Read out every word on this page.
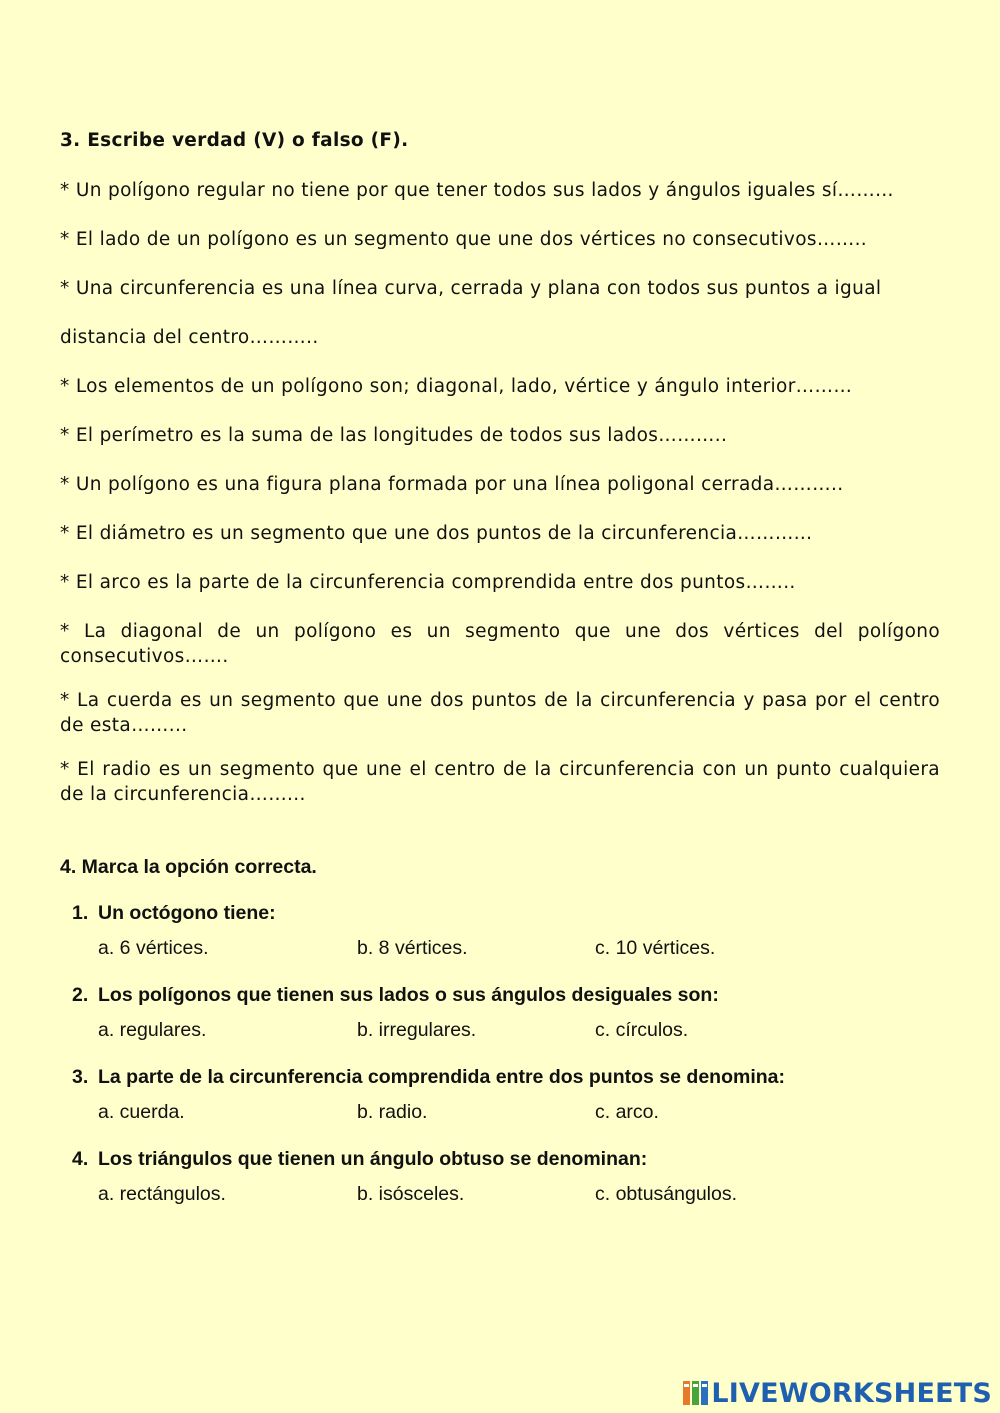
3. Escribe verdad (V) o falso (F).
* Un polígono regular no tiene por que tener todos sus lados y ángulos iguales sí………
* El lado de un polígono es un segmento que une dos vértices no consecutivos……..
* Una circunferencia es una línea curva, cerrada y plana con todos sus puntos a igual
distancia del centro………..
* Los elementos de un polígono son; diagonal, lado, vértice y ángulo interior………
* El perímetro es la suma de las longitudes de todos sus lados………..
* Un polígono es una figura plana formada por una línea poligonal cerrada………..
* El diámetro es un segmento que une dos puntos de la circunferencia………...
* El arco es la parte de la circunferencia comprendida entre dos puntos……..
* La diagonal de un polígono es un segmento que une dos vértices del polígono consecutivos…….
* La cuerda es un segmento que une dos puntos de la circunferencia y pasa por el centro de esta……...
* El radio es un segmento que une el centro de la circunferencia con un punto cualquiera de la circunferencia……...
4. Marca la opción correcta.
1. Un octógono tiene:
a. 6 vértices.	b. 8 vértices.	c. 10 vértices.
2. Los polígonos que tienen sus lados o sus ángulos desiguales son:
a. regulares.	b. irregulares.	c. círculos.
3. La parte de la circunferencia comprendida entre dos puntos se denomina:
a. cuerda.	b. radio.	c. arco.
4. Los triángulos que tienen un ángulo obtuso se denominan:
a. rectángulos.	b. isósceles.	c. obtusángulos.
LIVEWORKSHEETS
